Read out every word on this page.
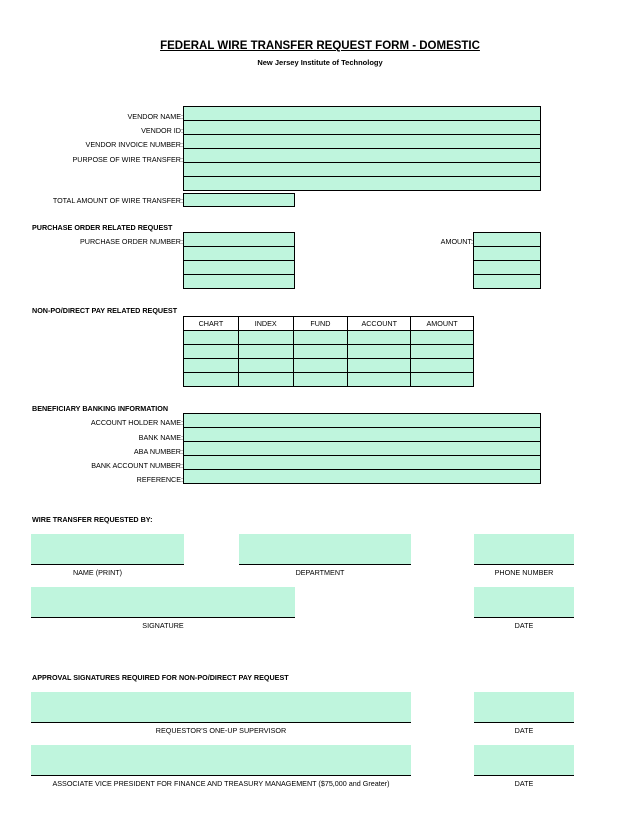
FEDERAL WIRE TRANSFER REQUEST FORM - DOMESTIC
New Jersey Institute of Technology
VENDOR NAME:
VENDOR ID:
VENDOR INVOICE NUMBER:
PURPOSE OF WIRE TRANSFER:

TOTAL AMOUNT OF WIRE TRANSFER:
PURCHASE ORDER RELATED REQUEST
PURCHASE ORDER NUMBER:	AMOUNT:

NON-PO/DIRECT PAY RELATED REQUEST
CHART	INDEX	FUND	ACCOUNT	AMOUNT

BENEFICIARY BANKING INFORMATION
ACCOUNT HOLDER NAME:
BANK NAME:
ABA NUMBER:
BANK ACCOUNT NUMBER:
REFERENCE:

WIRE TRANSFER REQUESTED BY:
NAME (PRINT)	DEPARTMENT	PHONE NUMBER
SIGNATURE	DATE
APPROVAL SIGNATURES REQUIRED FOR NON-PO/DIRECT PAY REQUEST
REQUESTOR'S ONE-UP SUPERVISOR	DATE
ASSOCIATE VICE PRESIDENT FOR FINANCE AND TREASURY MANAGEMENT ($75,000 and Greater)	DATE
